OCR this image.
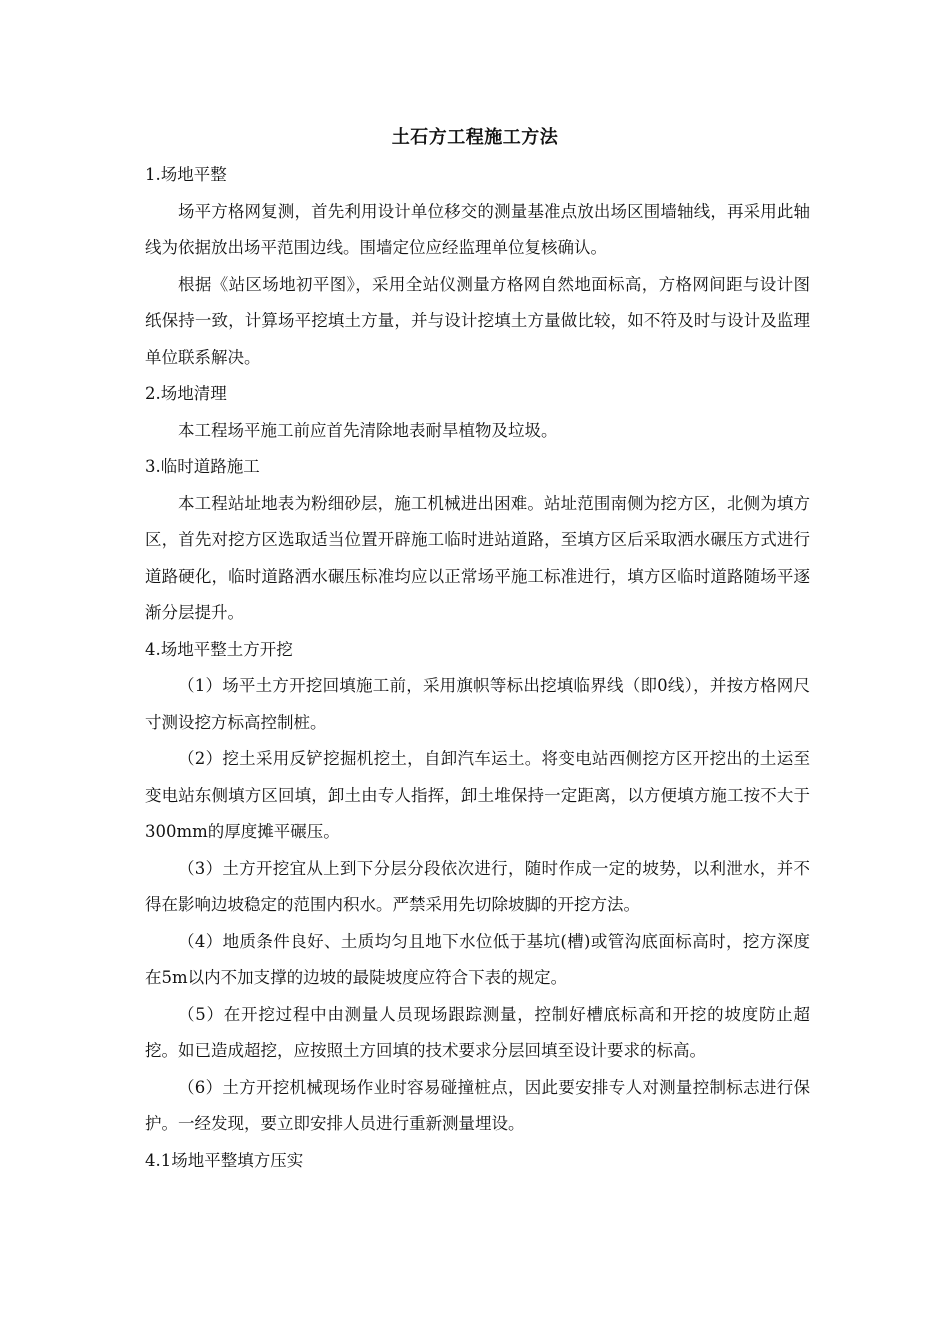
土石方工程施工方法

1.场地平整

场平方格网复测，首先利用设计单位移交的测量基准点放出场区围墙轴线，再采用此轴线为依据放出场平范围边线。围墙定位应经监理单位复核确认。

根据《站区场地初平图》，采用全站仪测量方格网自然地面标高，方格网间距与设计图纸保持一致，计算场平挖填土方量，并与设计挖填土方量做比较，如不符及时与设计及监理单位联系解决。

2.场地清理

本工程场平施工前应首先清除地表耐旱植物及垃圾。

3.临时道路施工

本工程站址地表为粉细砂层，施工机械进出困难。站址范围南侧为挖方区，北侧为填方区，首先对挖方区选取适当位置开辟施工临时进站道路，至填方区后采取洒水碾压方式进行道路硬化，临时道路洒水碾压标准均应以正常场平施工标准进行，填方区临时道路随场平逐渐分层提升。

4.场地平整土方开挖

（1）场平土方开挖回填施工前，采用旗帜等标出挖填临界线（即0线），并按方格网尺寸测设挖方标高控制桩。

（2）挖土采用反铲挖掘机挖土，自卸汽车运土。将变电站西侧挖方区开挖出的土运至变电站东侧填方区回填，卸土由专人指挥，卸土堆保持一定距离，以方便填方施工按不大于300mm的厚度摊平碾压。

（3）土方开挖宜从上到下分层分段依次进行，随时作成一定的坡势，以利泄水，并不得在影响边坡稳定的范围内积水。严禁采用先切除坡脚的开挖方法。

（4）地质条件良好、土质均匀且地下水位低于基坑(槽)或管沟底面标高时，挖方深度在5m以内不加支撑的边坡的最陡坡度应符合下表的规定。

（5）在开挖过程中由测量人员现场跟踪测量，控制好槽底标高和开挖的坡度防止超挖。如已造成超挖，应按照土方回填的技术要求分层回填至设计要求的标高。

（6）土方开挖机械现场作业时容易碰撞桩点，因此要安排专人对测量控制标志进行保护。一经发现，要立即安排人员进行重新测量埋设。

4.1场地平整填方压实
